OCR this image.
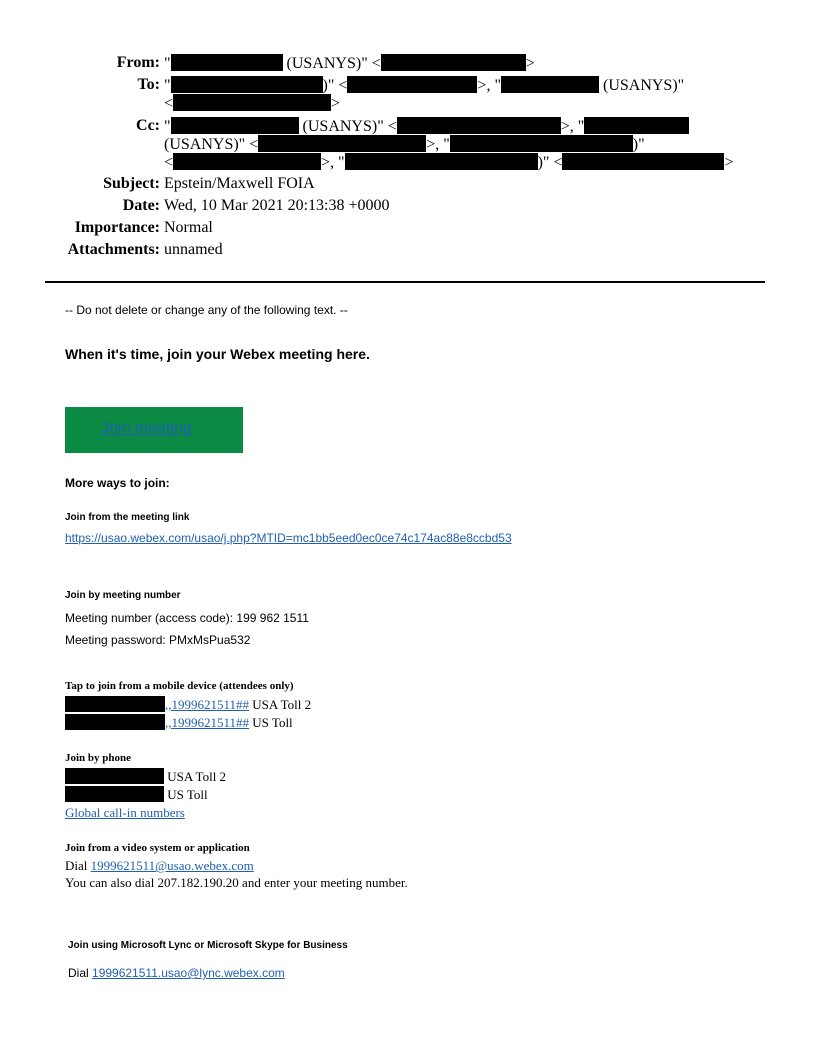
From: "	(USANYS)" <	>
To: "	)" <	>, "	(USANYS)"
<	>
Cc: "	(USANYS)" <	>, "
(USANYS)" <	>, "	)"
<	>, "	)" <	>
Subject: Epstein/Maxwell FOIA
Date: Wed, 10 Mar 2021 20:13:38 +0000
Importance: Normal
Attachments: unnamed
-- Do not delete or change any of the following text. --
When it's time, join your Webex meeting here.
Join meeting
More ways to join:
Join from the meeting link
https://usao.webex.com/usao/j.php?MTID=mc1bb5eed0ec0ce74c174ac88e8ccbd53
Join by meeting number
Meeting number (access code): 199 962 1511
Meeting password: PMxMsPua532
Tap to join from a mobile device (attendees only)
,,1999621511## USA Toll 2
,,1999621511## US Toll
Join by phone
USA Toll 2
US Toll
Global call-in numbers
Join from a video system or application
Dial 1999621511@usao.webex.com
You can also dial 207.182.190.20 and enter your meeting number.
Join using Microsoft Lync or Microsoft Skype for Business
Dial 1999621511.usao@lync.webex.com
